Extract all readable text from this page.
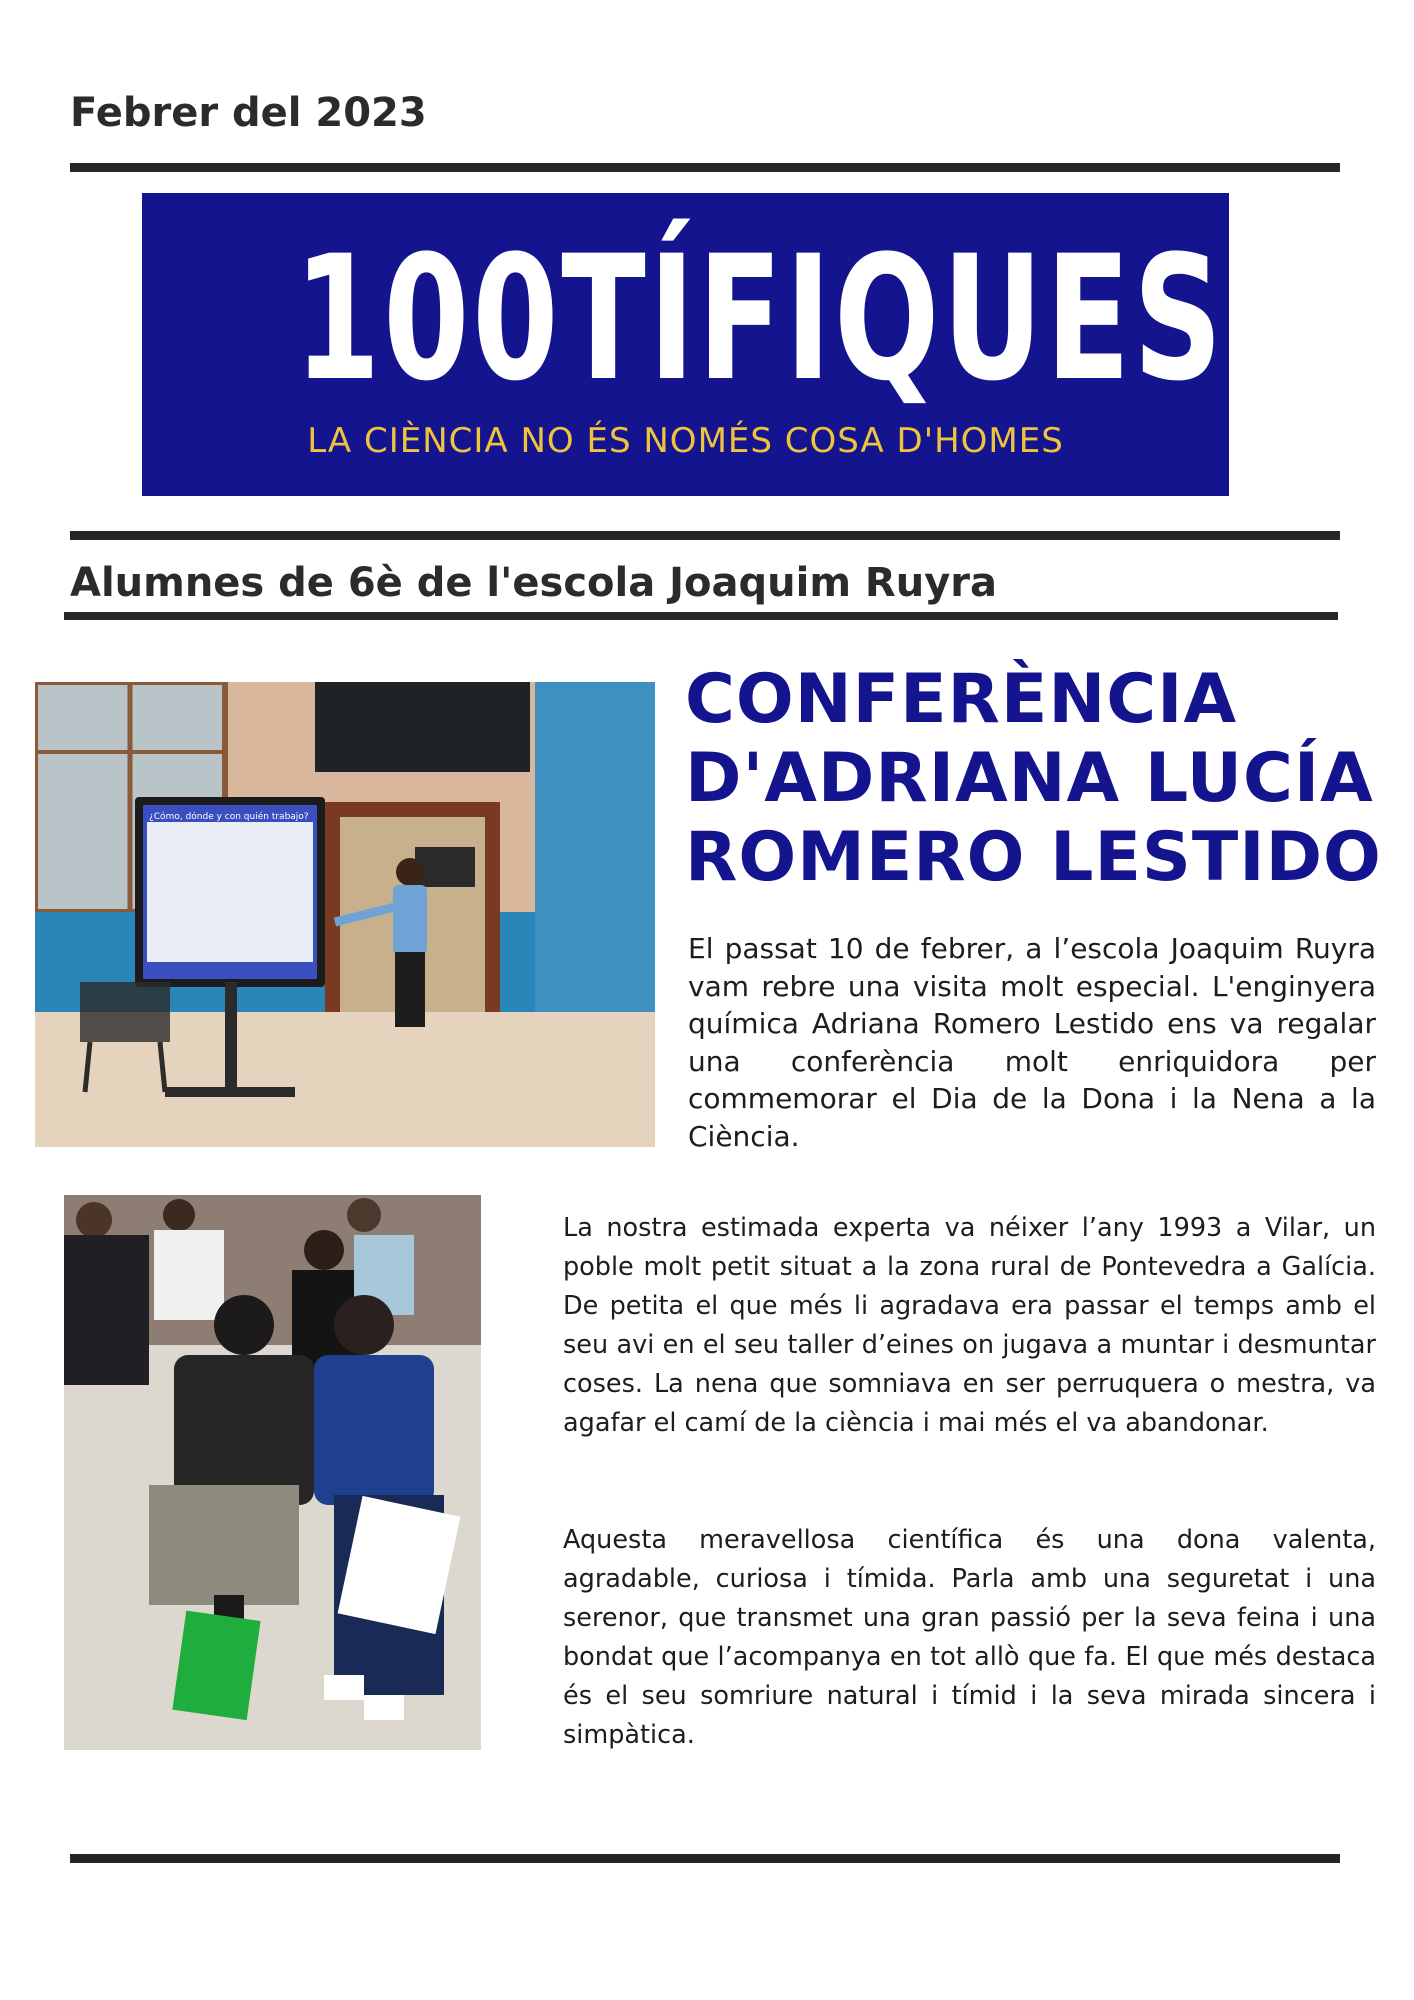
Febrer del 2023
100TÍFIQUES
LA CIÈNCIA NO ÉS NOMÉS COSA D'HOMES
Alumnes de 6è de l'escola Joaquim Ruyra
¿Cómo, dónde y con quién trabajo?
CONFERÈNCIA D'ADRIANA LUCÍA ROMERO LESTIDO
El passat 10 de febrer, a l’escola Joaquim Ruyra vam rebre una visita molt especial. L'enginyera química Adriana Romero Lestido ens va regalar una conferència molt enriquidora per commemorar el Dia de la Dona i la Nena a la Ciència.
La nostra estimada experta va néixer l’any 1993 a Vilar, un poble molt petit situat a la zona rural de Pontevedra a Galícia. De petita el que més li agradava era passar el temps amb el seu avi en el seu taller d’eines on jugava a muntar i desmuntar coses. La nena que somniava en ser perruquera o mestra, va agafar el camí de la ciència i mai més el va abandonar.
Aquesta meravellosa científica és una dona valenta, agradable, curiosa i tímida. Parla amb una seguretat i una serenor, que transmet una gran passió per la seva feina i una bondat que l’acompanya en tot allò que fa. El que més destaca és el seu somriure natural i tímid i la seva mirada sincera i simpàtica.
